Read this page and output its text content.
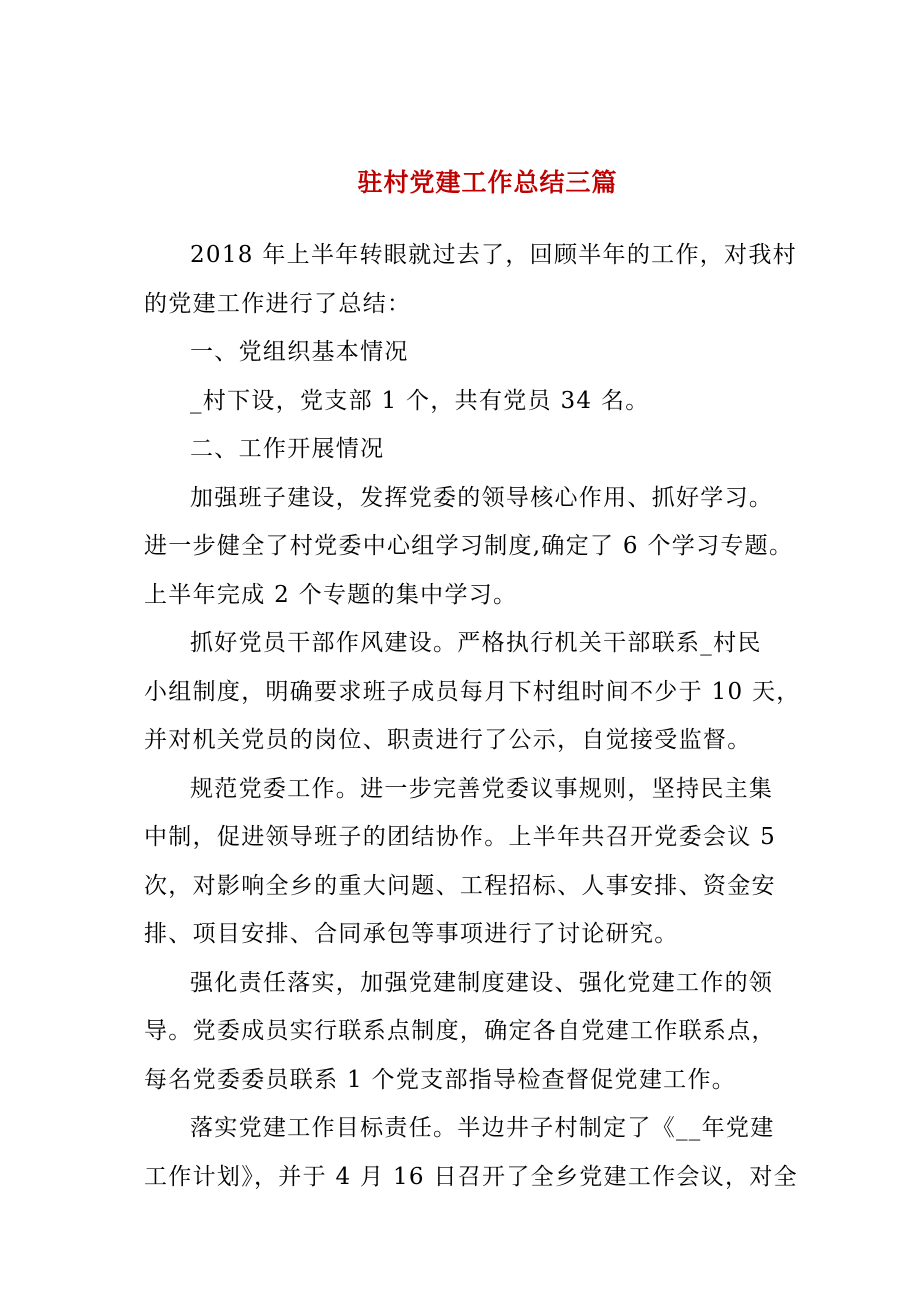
驻村党建工作总结三篇
2018 年上半年转眼就过去了，回顾半年的工作，对我村
的党建工作进行了总结：
一、党组织基本情况
_村下设，党支部 1 个，共有党员 34 名。
二、工作开展情况
加强班子建设，发挥党委的领导核心作用、抓好学习。
进一步健全了村党委中心组学习制度,确定了 6 个学习专题。
上半年完成 2 个专题的集中学习。
抓好党员干部作风建设。严格执行机关干部联系_村民
小组制度，明确要求班子成员每月下村组时间不少于 10 天，
并对机关党员的岗位、职责进行了公示，自觉接受监督。
规范党委工作。进一步完善党委议事规则，坚持民主集
中制，促进领导班子的团结协作。上半年共召开党委会议 5
次，对影响全乡的重大问题、工程招标、人事安排、资金安
排、项目安排、合同承包等事项进行了讨论研究。
强化责任落实，加强党建制度建设、强化党建工作的领
导。党委成员实行联系点制度，确定各自党建工作联系点，
每名党委委员联系 1 个党支部指导检查督促党建工作。
落实党建工作目标责任。半边井子村制定了《__年党建
工作计划》，并于 4 月 16 日召开了全乡党建工作会议，对全
